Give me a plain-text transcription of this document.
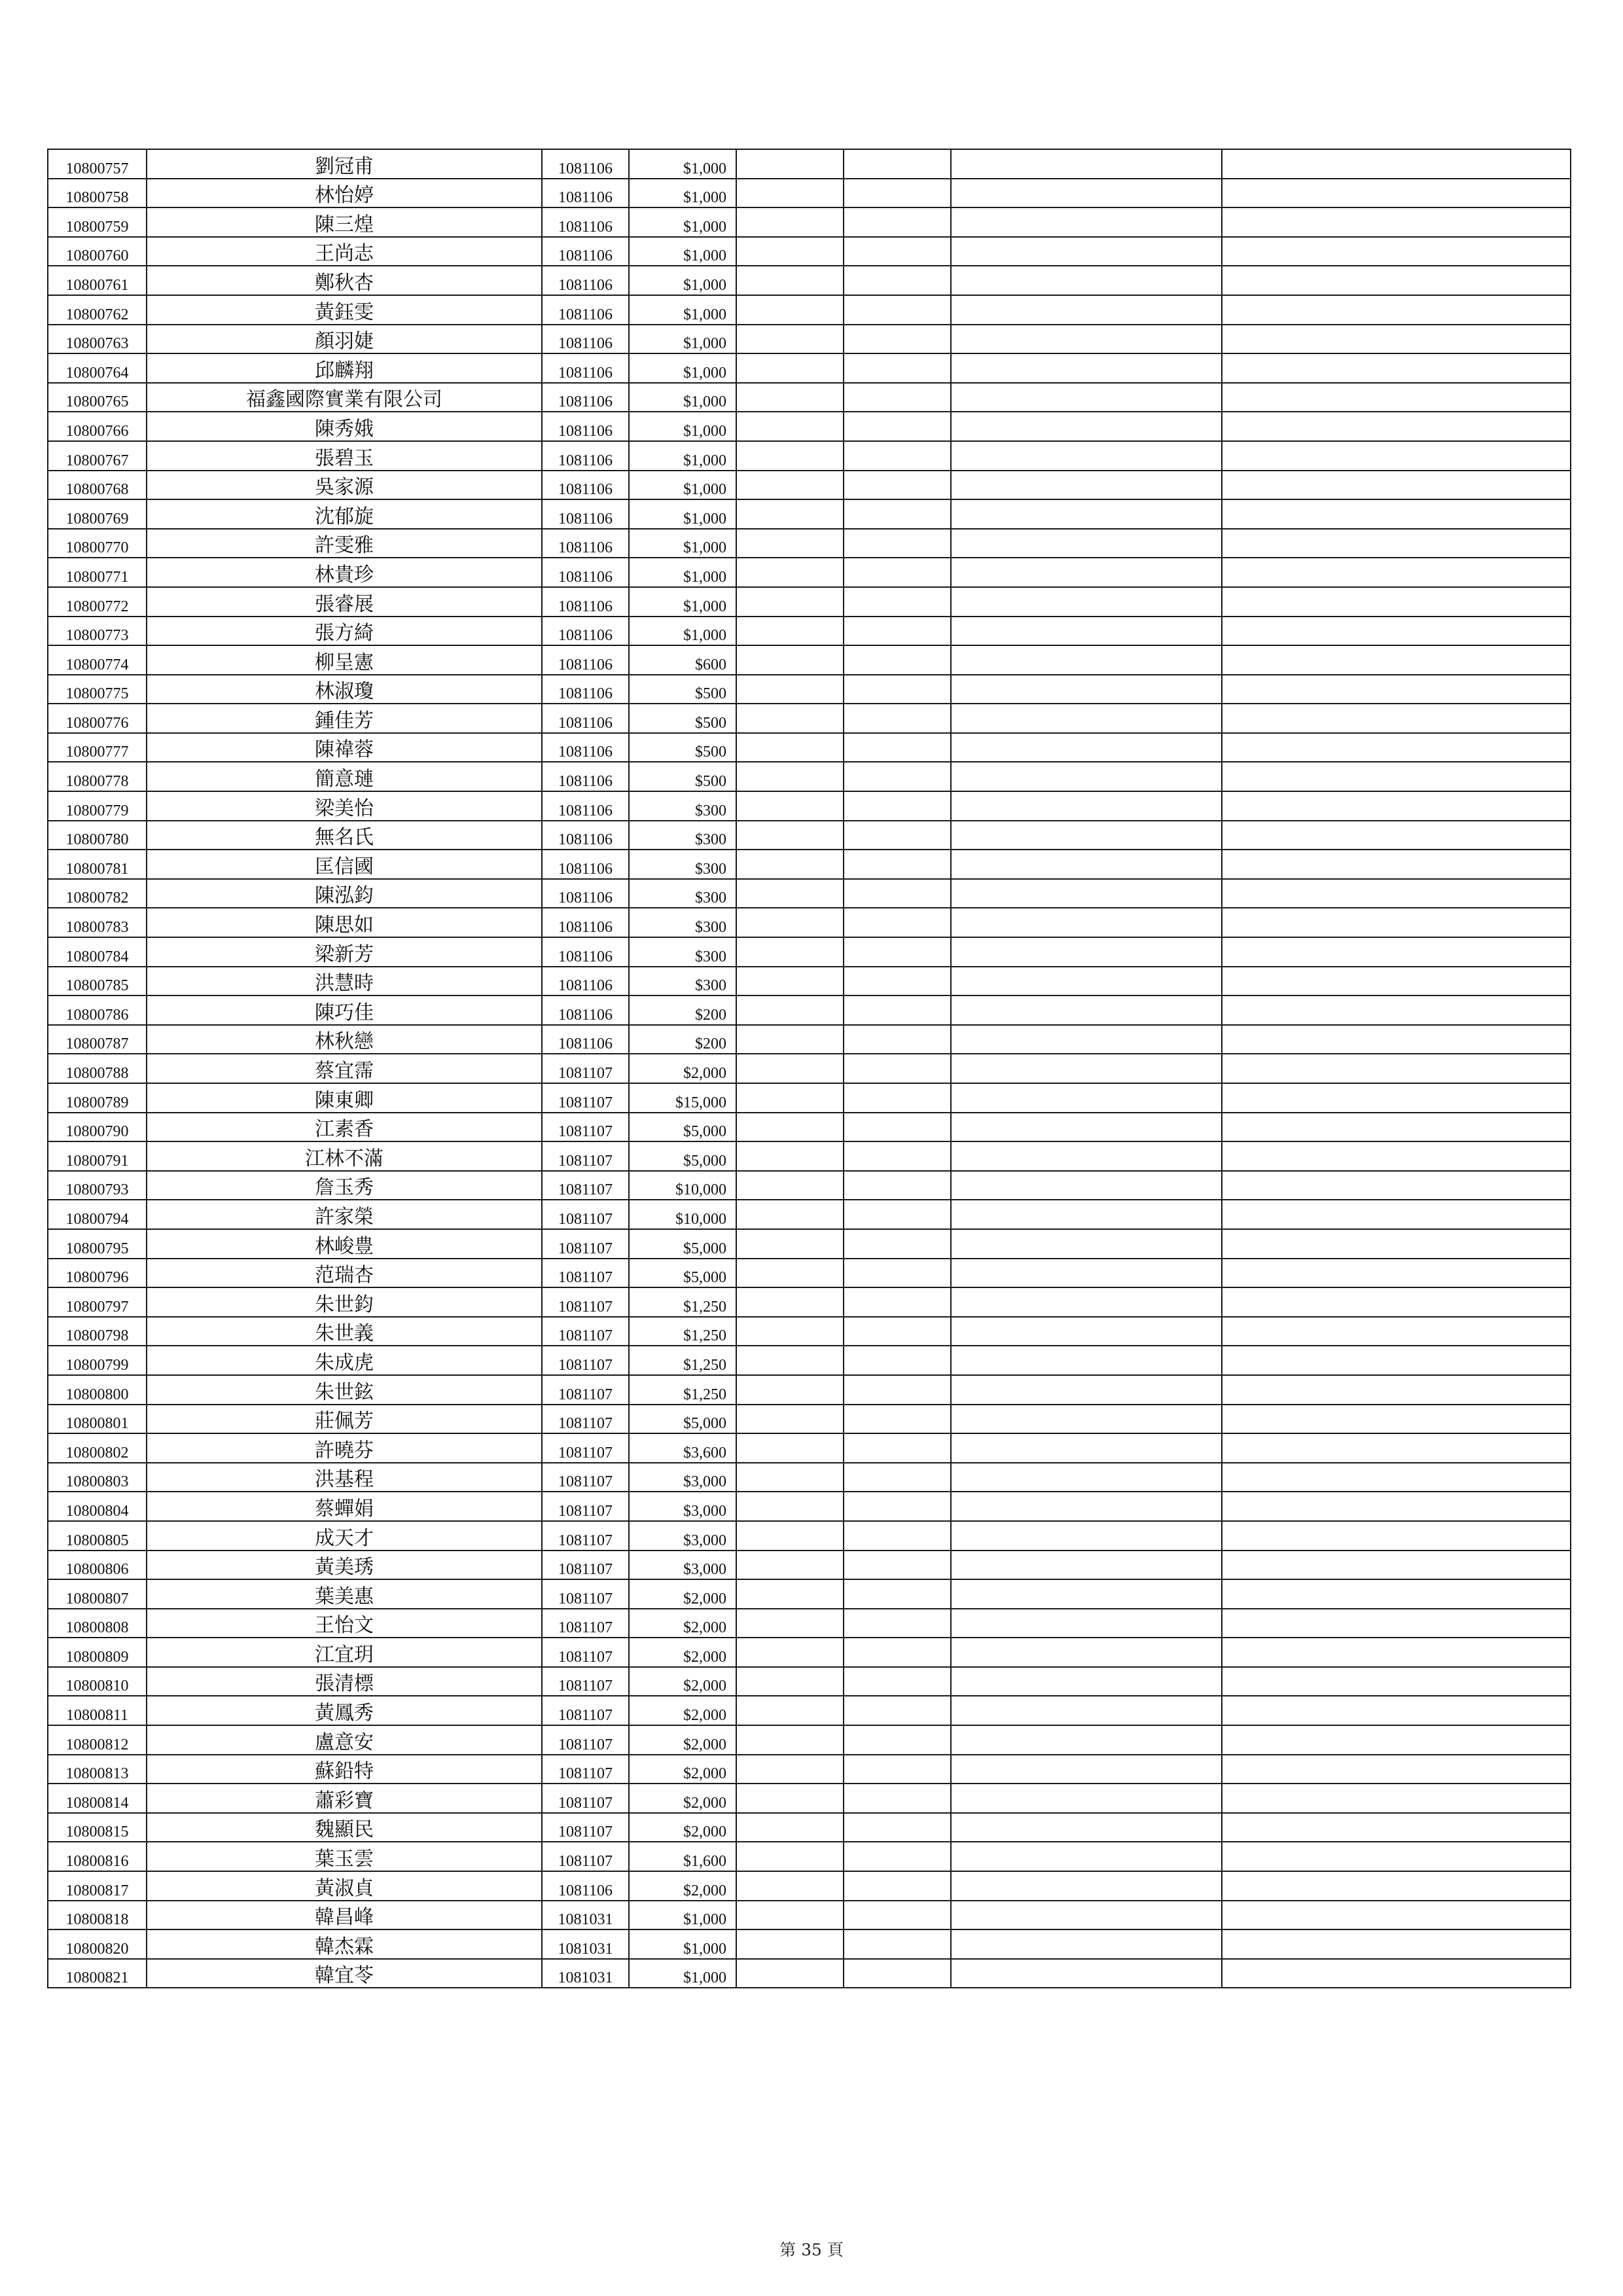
10800757	劉冠甫	1081106	$1,000				
10800758	林怡婷	1081106	$1,000				
10800759	陳三煌	1081106	$1,000				
10800760	王尚志	1081106	$1,000				
10800761	鄭秋杏	1081106	$1,000				
10800762	黃鈺雯	1081106	$1,000				
10800763	顏羽婕	1081106	$1,000				
10800764	邱麟翔	1081106	$1,000				
10800765	福鑫國際實業有限公司	1081106	$1,000				
10800766	陳秀娥	1081106	$1,000				
10800767	張碧玉	1081106	$1,000				
10800768	吳家源	1081106	$1,000				
10800769	沈郁旋	1081106	$1,000				
10800770	許雯雅	1081106	$1,000				
10800771	林貴珍	1081106	$1,000				
10800772	張睿展	1081106	$1,000				
10800773	張方綺	1081106	$1,000				
10800774	柳呈憲	1081106	$600				
10800775	林淑瓊	1081106	$500				
10800776	鍾佳芳	1081106	$500				
10800777	陳禕蓉	1081106	$500				
10800778	簡意璉	1081106	$500				
10800779	梁美怡	1081106	$300				
10800780	無名氏	1081106	$300				
10800781	匡信國	1081106	$300				
10800782	陳泓鈞	1081106	$300				
10800783	陳思如	1081106	$300				
10800784	梁新芳	1081106	$300				
10800785	洪慧時	1081106	$300				
10800786	陳巧佳	1081106	$200				
10800787	林秋戀	1081106	$200				
10800788	蔡宜霈	1081107	$2,000				
10800789	陳東卿	1081107	$15,000				
10800790	江素香	1081107	$5,000				
10800791	江林不滿	1081107	$5,000				
10800793	詹玉秀	1081107	$10,000				
10800794	許家榮	1081107	$10,000				
10800795	林峻豊	1081107	$5,000				
10800796	范瑞杏	1081107	$5,000				
10800797	朱世鈞	1081107	$1,250				
10800798	朱世義	1081107	$1,250				
10800799	朱成虎	1081107	$1,250				
10800800	朱世鉉	1081107	$1,250				
10800801	莊佩芳	1081107	$5,000				
10800802	許曉芬	1081107	$3,600				
10800803	洪基程	1081107	$3,000				
10800804	蔡蟬娟	1081107	$3,000				
10800805	成天才	1081107	$3,000				
10800806	黃美琇	1081107	$3,000				
10800807	葉美惠	1081107	$2,000				
10800808	王怡文	1081107	$2,000				
10800809	江宜玥	1081107	$2,000				
10800810	張清標	1081107	$2,000				
10800811	黃鳳秀	1081107	$2,000				
10800812	盧意安	1081107	$2,000				
10800813	蘇鉛特	1081107	$2,000				
10800814	蕭彩寶	1081107	$2,000				
10800815	魏顯民	1081107	$2,000				
10800816	葉玉雲	1081107	$1,600				
10800817	黃淑貞	1081106	$2,000				
10800818	韓昌峰	1081031	$1,000				
10800820	韓杰霖	1081031	$1,000				
10800821	韓宜苓	1081031	$1,000				
第 35 頁
